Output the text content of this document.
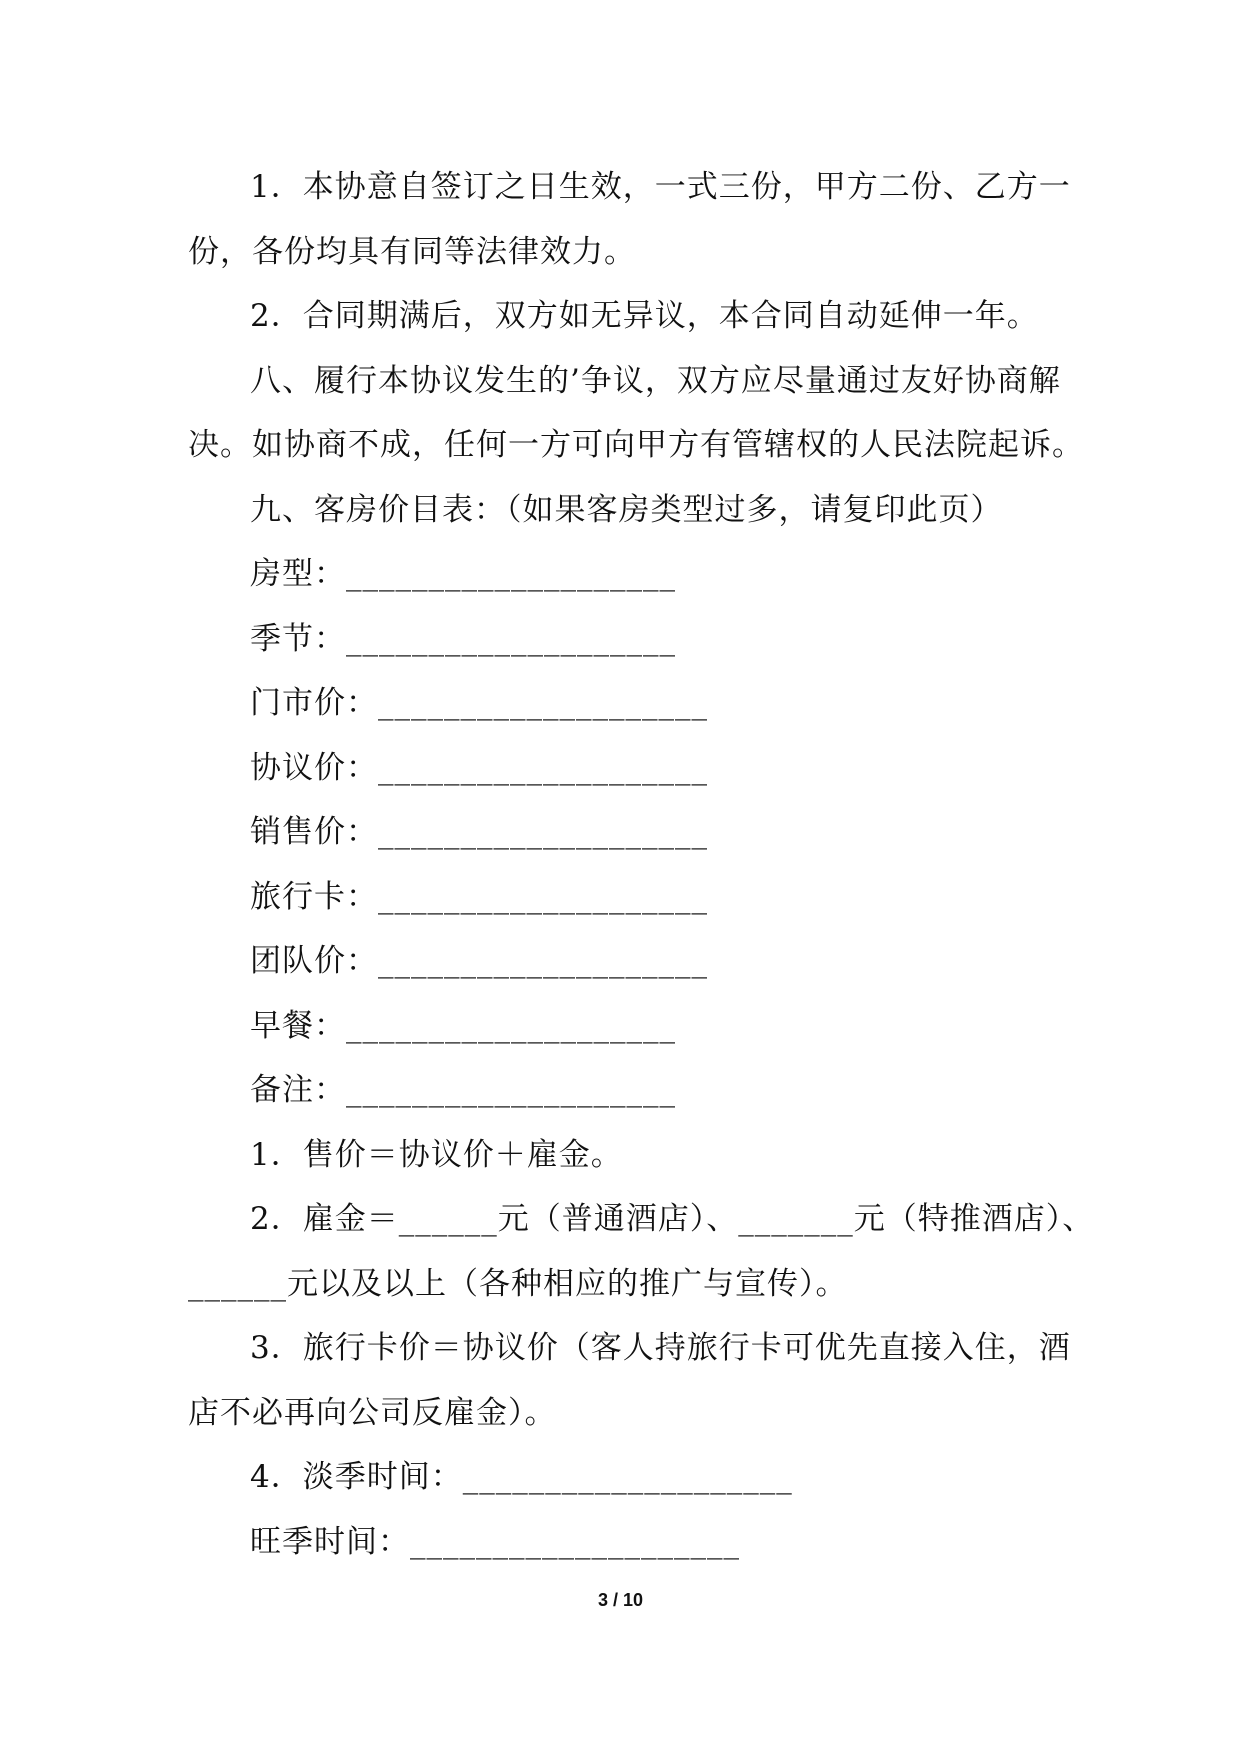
1．本协意自签订之日生效，一式三份，甲方二份、乙方一
份，各份均具有同等法律效力。
2．合同期满后，双方如无异议，本合同自动延伸一年。
八、履行本协议发生的’争议，双方应尽量通过友好协商解
决。如协商不成，任何一方可向甲方有管辖权的人民法院起诉。
九、客房价目表：（如果客房类型过多，请复印此页）
房型：____________________
季节：____________________
门市价：____________________
协议价：____________________
销售价：____________________
旅行卡：____________________
团队价：____________________
早餐：____________________
备注：____________________
1．售价＝协议价＋雇金。
2．雇金＝______元（普通酒店）、_______元（特推酒店）、
______元以及以上（各种相应的推广与宣传）。
3．旅行卡价＝协议价（客人持旅行卡可优先直接入住，酒
店不必再向公司反雇金）。
4．淡季时间：____________________
旺季时间：____________________
3 / 10
